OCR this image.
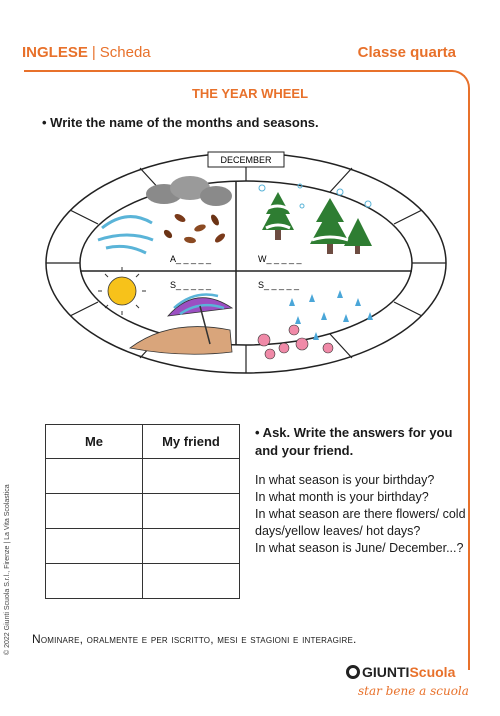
INGLESE | Scheda	Classe quarta
THE YEAR WHEEL
• Write the name of the months and seasons.
DECEMBER
A_ _ _ _ _	W_ _ _ _ _
S_ _ _ _ _	S_ _ _ _ _
Me	My friend

• Ask. Write the answers for you and your friend.
In what season is your birthday?
In what month is your birthday?
In what season are there flowers/ cold days/yellow leaves/ hot days?
In what season is June/ December...?
Nominare, oralmente e per iscritto, mesi e stagioni e interagire.
© 2022 Giunti Scuola S.r.l., Firenze | La Vita Scolastica
GIUNTIScuola
star bene a scuola
